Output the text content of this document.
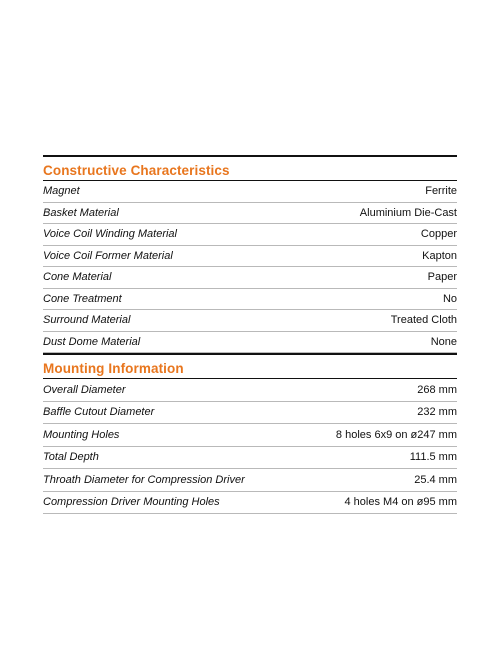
Constructive Characteristics
Magnet	Ferrite
Basket Material	Aluminium Die-Cast
Voice Coil Winding Material	Copper
Voice Coil Former Material	Kapton
Cone Material	Paper
Cone Treatment	No
Surround Material	Treated Cloth
Dust Dome Material	None
Mounting Information
Overall Diameter	268 mm
Baffle Cutout Diameter	232 mm
Mounting Holes	8 holes 6x9 on ø247 mm
Total Depth	111.5 mm
Throath Diameter for Compression Driver	25.4 mm
Compression Driver Mounting Holes	4 holes M4 on ø95 mm
